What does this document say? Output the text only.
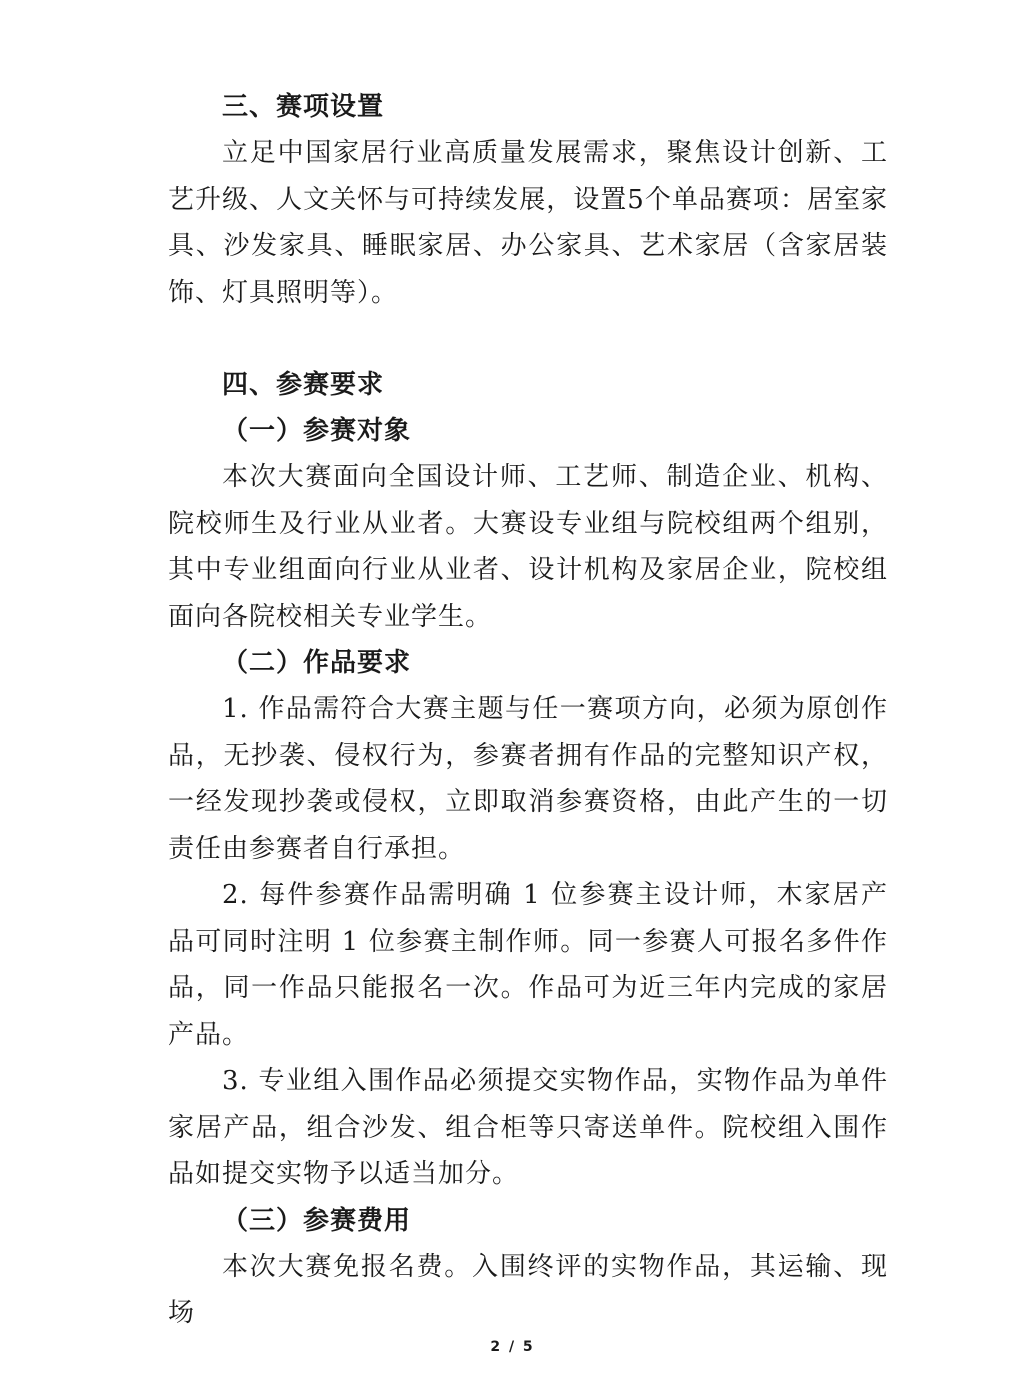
三、赛项设置

立足中国家居行业高质量发展需求，聚焦设计创新、工艺升级、人文关怀与可持续发展，设置5个单品赛项：居室家具、沙发家具、睡眠家居、办公家具、艺术家居（含家居装饰、灯具照明等）。

四、参赛要求

（一）参赛对象

本次大赛面向全国设计师、工艺师、制造企业、机构、院校师生及行业从业者。大赛设专业组与院校组两个组别，其中专业组面向行业从业者、设计机构及家居企业，院校组面向各院校相关专业学生。

（二）作品要求

1. 作品需符合大赛主题与任一赛项方向，必须为原创作品，无抄袭、侵权行为，参赛者拥有作品的完整知识产权，一经发现抄袭或侵权，立即取消参赛资格，由此产生的一切责任由参赛者自行承担。

2. 每件参赛作品需明确 1 位参赛主设计师，木家居产品可同时注明 1 位参赛主制作师。同一参赛人可报名多件作品，同一作品只能报名一次。作品可为近三年内完成的家居产品。

3. 专业组入围作品必须提交实物作品，实物作品为单件家居产品，组合沙发、组合柜等只寄送单件。院校组入围作品如提交实物予以适当加分。

（三）参赛费用

本次大赛免报名费。入围终评的实物作品，其运输、现场

2 / 5
